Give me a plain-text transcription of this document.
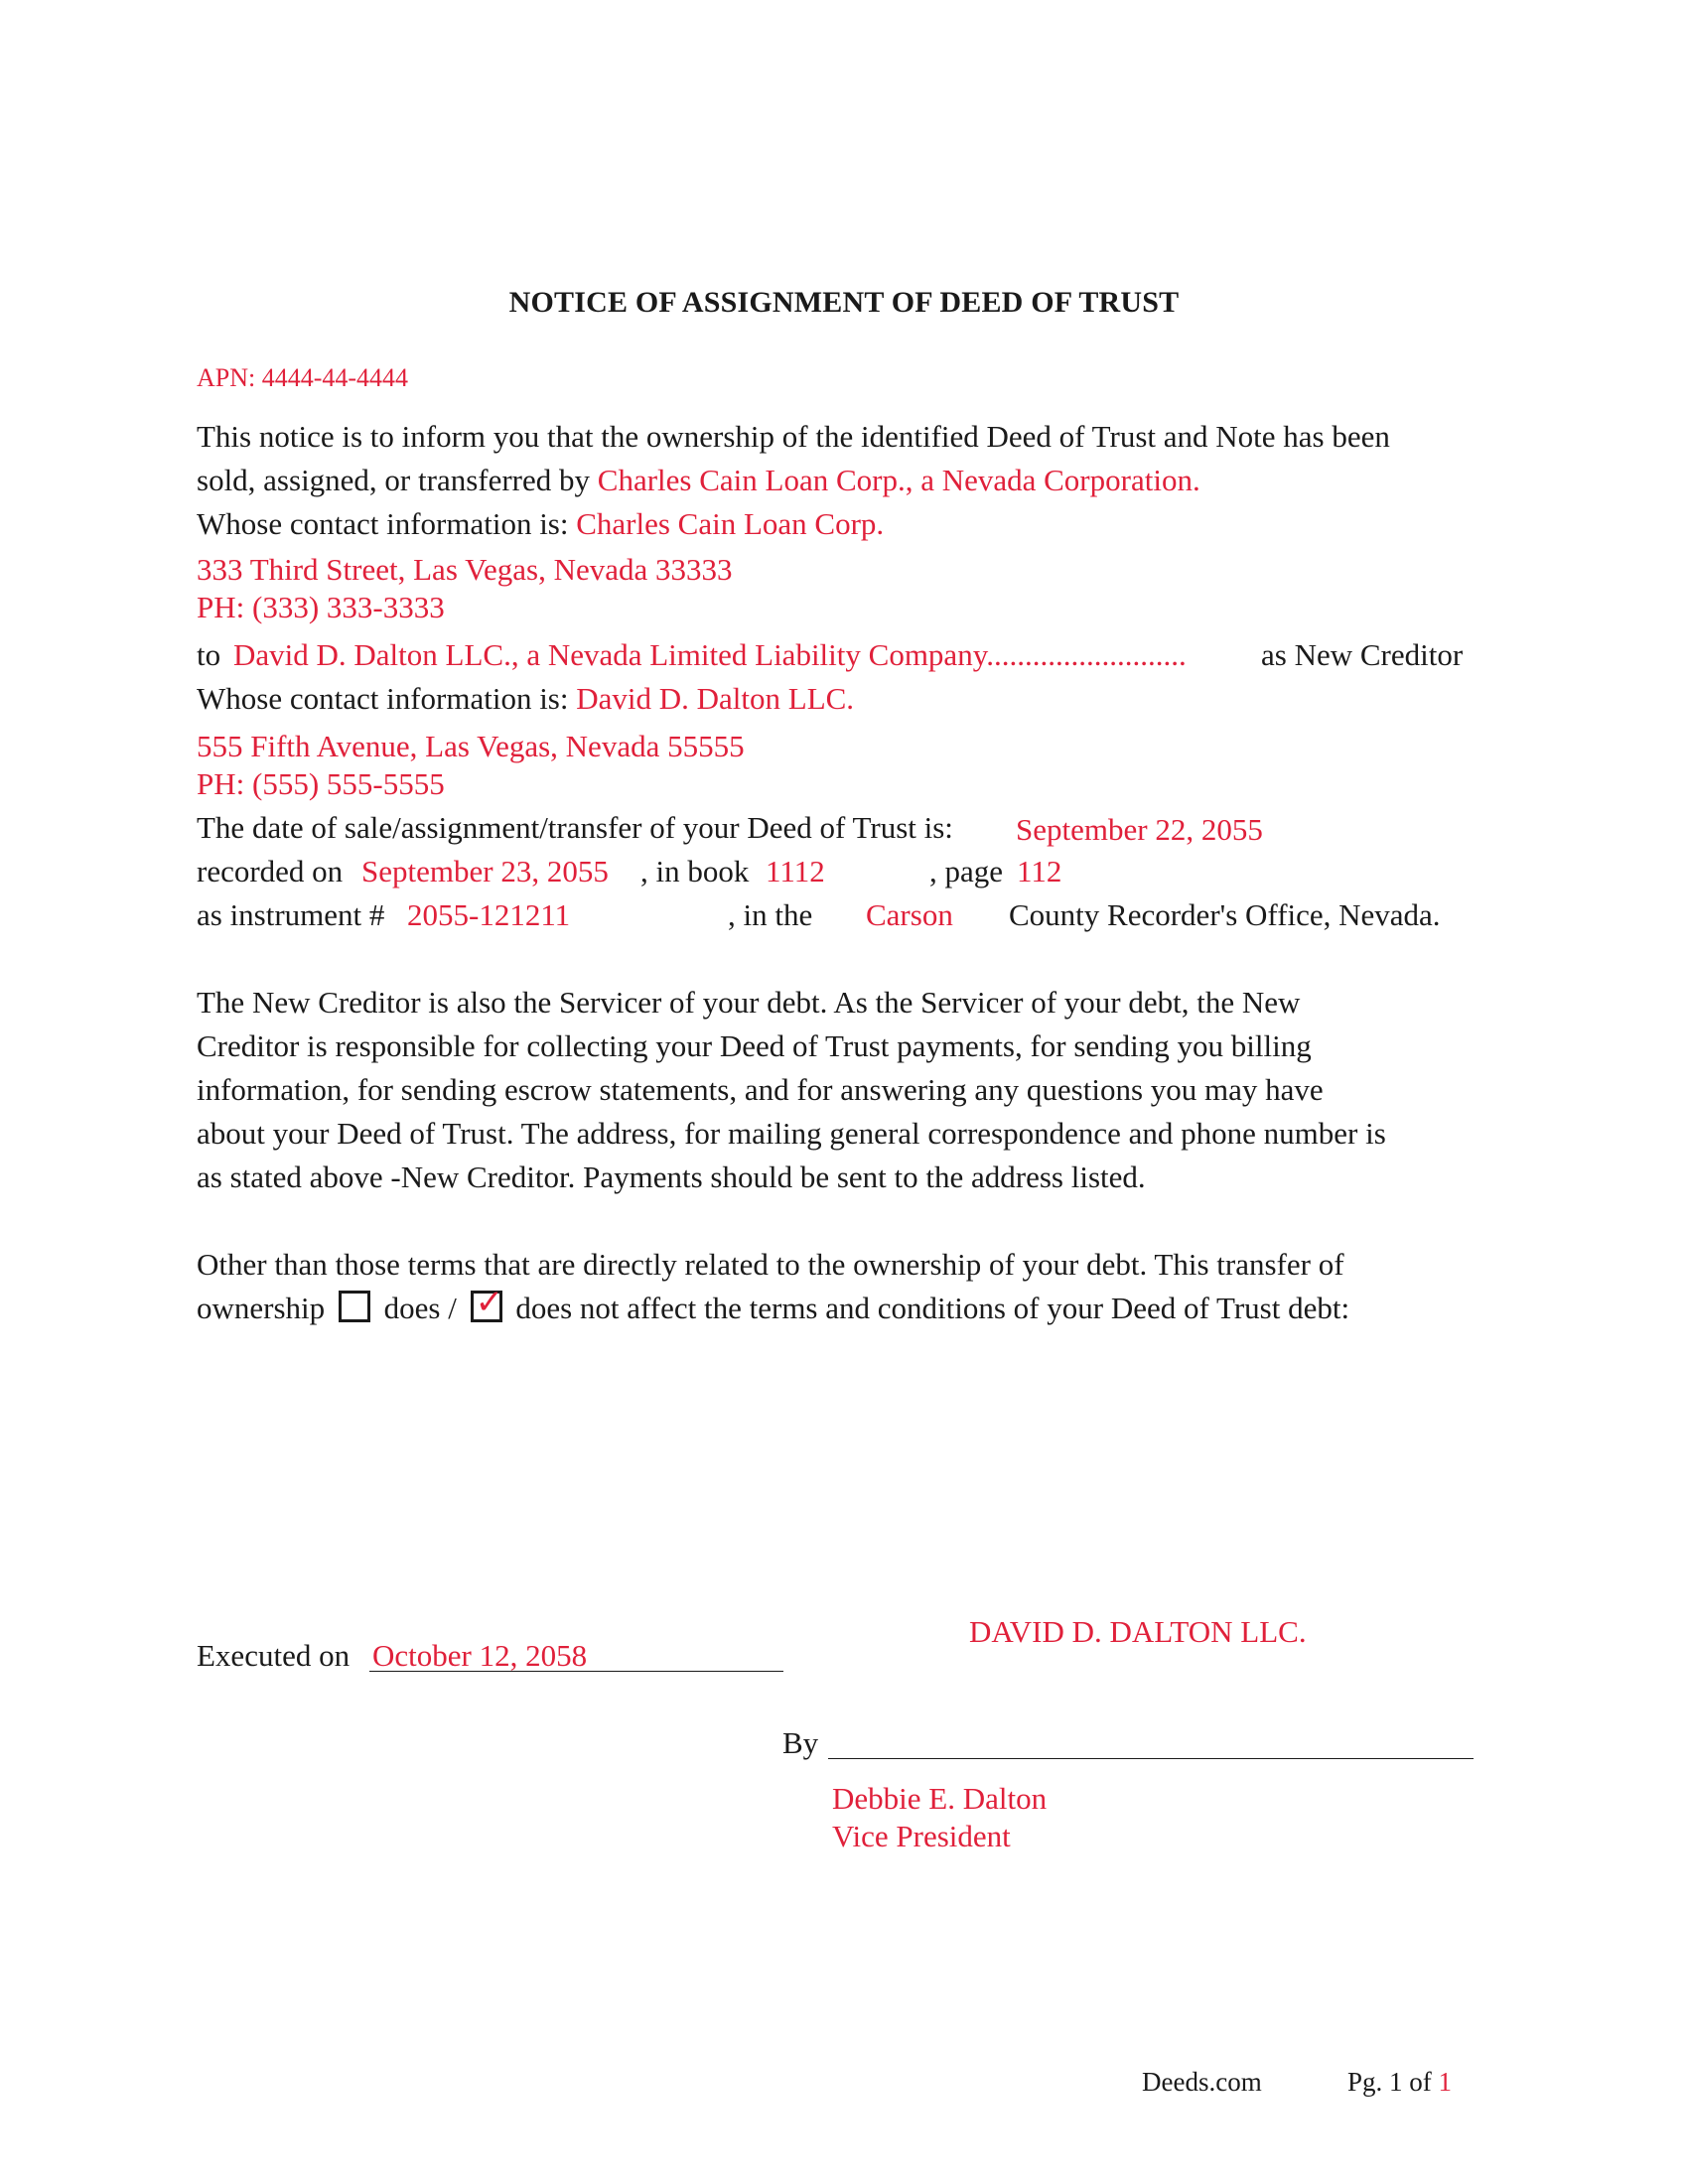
NOTICE OF ASSIGNMENT OF DEED OF TRUST
APN: 4444-44-4444
This notice is to inform you that the ownership of the identified Deed of Trust and Note has been
sold, assigned, or transferred by Charles Cain Loan Corp., a Nevada Corporation.
Whose contact information is: Charles Cain Loan Corp.
333 Third Street, Las Vegas, Nevada 33333
PH: (333) 333-3333
to David D. Dalton LLC., a Nevada Limited Liability Company.......................... as New Creditor
Whose contact information is: David D. Dalton LLC.
555 Fifth Avenue, Las Vegas, Nevada 55555
PH: (555) 555-5555
The date of sale/assignment/transfer of your Deed of Trust is: September 22, 2055
recorded on September 23, 2055 , in book 1112	, page 112
as instrument # 2055-121211	, in the Carson County Recorder's Office, Nevada.
The New Creditor is also the Servicer of your debt. As the Servicer of your debt, the New
Creditor is responsible for collecting your Deed of Trust payments, for sending you billing
information, for sending escrow statements, and for answering any questions you may have
about your Deed of Trust. The address, for mailing general correspondence and phone number is
as stated above -New Creditor. Payments should be sent to the address listed.
Other than those terms that are directly related to the ownership of your debt. This transfer of
ownership does / ✓ does not affect the terms and conditions of your Deed of Trust debt:
DAVID D. DALTON LLC.
Executed on October 12, 2058
By
Debbie E. Dalton
Vice President
Deeds.com	Pg. 1 of 1
